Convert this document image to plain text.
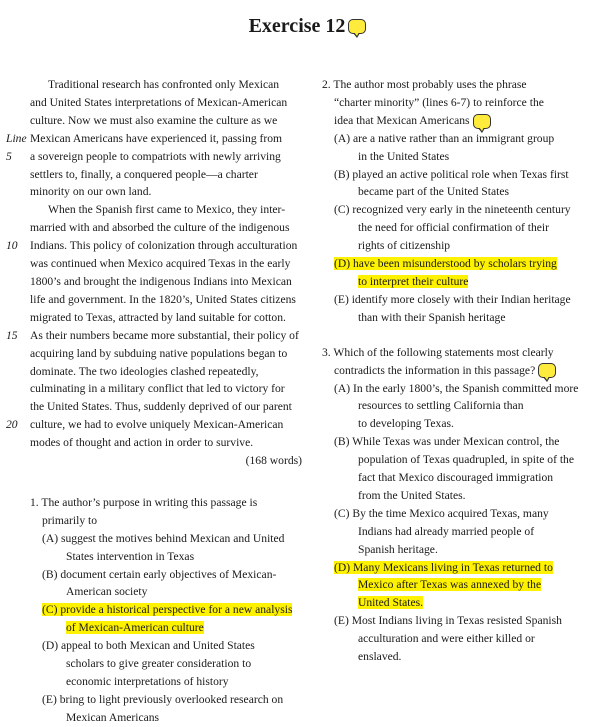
Exercise 12
Traditional research has confronted only Mexican
and United States interpretations of Mexican-American
culture. Now we must also examine the culture as we
Line Mexican Americans have experienced it, passing from
5	a sovereign people to compatriots with newly arriving
settlers to, finally, a conquered people—a charter
minority on our own land.
When the Spanish first came to Mexico, they inter-
married with and absorbed the culture of the indigenous
10	Indians. This policy of colonization through acculturation
was continued when Mexico acquired Texas in the early
1800’s and brought the indigenous Indians into Mexican
life and government. In the 1820’s, United States citizens
migrated to Texas, attracted by land suitable for cotton.
15	As their numbers became more substantial, their policy of
acquiring land by subduing native populations began to
dominate. The two ideologies clashed repeatedly,
culminating in a military conflict that led to victory for
the United States. Thus, suddenly deprived of our parent
20	culture, we had to evolve uniquely Mexican-American
modes of thought and action in order to survive.
(168 words)
1. The author’s purpose in writing this passage is
primarily to
(A) suggest the motives behind Mexican and United
States intervention in Texas
(B) document certain early objectives of Mexican-
American society
(C) provide a historical perspective for a new analysis
of Mexican-American culture
(D) appeal to both Mexican and United States
scholars to give greater consideration to
economic interpretations of history
(E) bring to light previously overlooked research on
Mexican Americans
2. The author most probably uses the phrase
“charter minority” (lines 6-7) to reinforce the
idea that Mexican Americans
(A) are a native rather than an immigrant group
in the United States
(B) played an active political role when Texas first
became part of the United States
(C) recognized very early in the nineteenth century
the need for official confirmation of their
rights of citizenship
(D) have been misunderstood by scholars trying
to interpret their culture
(E) identify more closely with their Indian heritage
than with their Spanish heritage
3. Which of the following statements most clearly
contradicts the information in this passage?
(A) In the early 1800’s, the Spanish committed more
resources to settling California than
to developing Texas.
(B) While Texas was under Mexican control, the
population of Texas quadrupled, in spite of the
fact that Mexico discouraged immigration
from the United States.
(C) By the time Mexico acquired Texas, many
Indians had already married people of
Spanish heritage.
(D) Many Mexicans living in Texas returned to
Mexico after Texas was annexed by the
United States.
(E) Most Indians living in Texas resisted Spanish
acculturation and were either killed or
enslaved.
